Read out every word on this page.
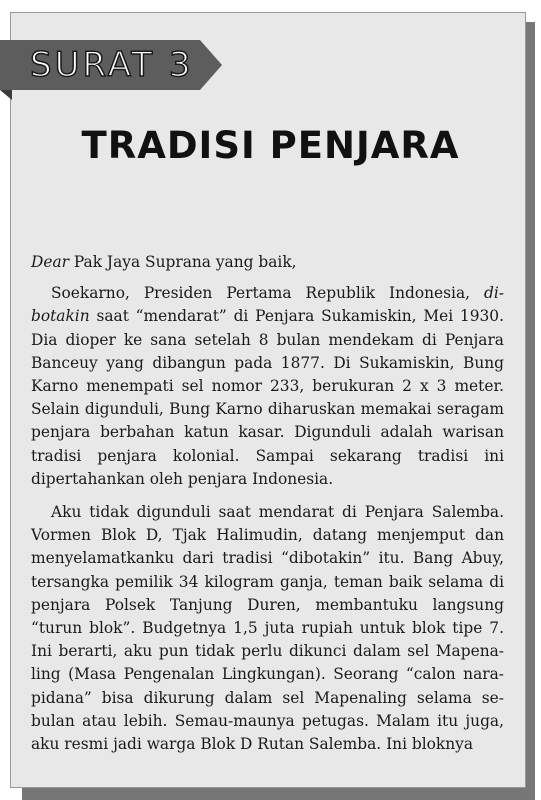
SURAT 3
TRADISI PENJARA

Dear Pak Jaya Suprana yang baik,

Soekarno, Presiden Pertama Republik Indonesia, dibotakin saat “mendarat” di Penjara Sukamiskin, Mei 1930. Dia dioper ke sana setelah 8 bulan mendekam di Penjara Banceuy yang dibangun pada 1877. Di Sukamiskin, Bung Karno menempati sel nomor 233, berukuran 2 x 3 meter. Selain digunduli, Bung Karno diharuskan memakai seragam penjara berbahan katun kasar. Digunduli adalah warisan tradisi penjara kolonial. Sampai sekarang tradisi ini dipertahankan oleh penjara Indonesia.

Aku tidak digunduli saat mendarat di Penjara Salemba. Vormen Blok D, Tjak Halimudin, datang menjemput dan menyelamatkanku dari tradisi “dibotakin” itu. Bang Abuy, tersangka pemilik 34 kilogram ganja, teman baik selama di penjara Polsek Tanjung Duren, membantuku langsung “turun blok”. Budgetnya 1,5 juta rupiah untuk blok tipe 7. Ini berarti, aku pun tidak perlu dikunci dalam sel Mapenaling (Masa Pengenalan Lingkungan). Seorang “calon narapidana” bisa dikurung dalam sel Mapenaling selama sebulan atau lebih. Semau-maunya petugas. Malam itu juga, aku resmi jadi warga Blok D Rutan Salemba. Ini bloknya
